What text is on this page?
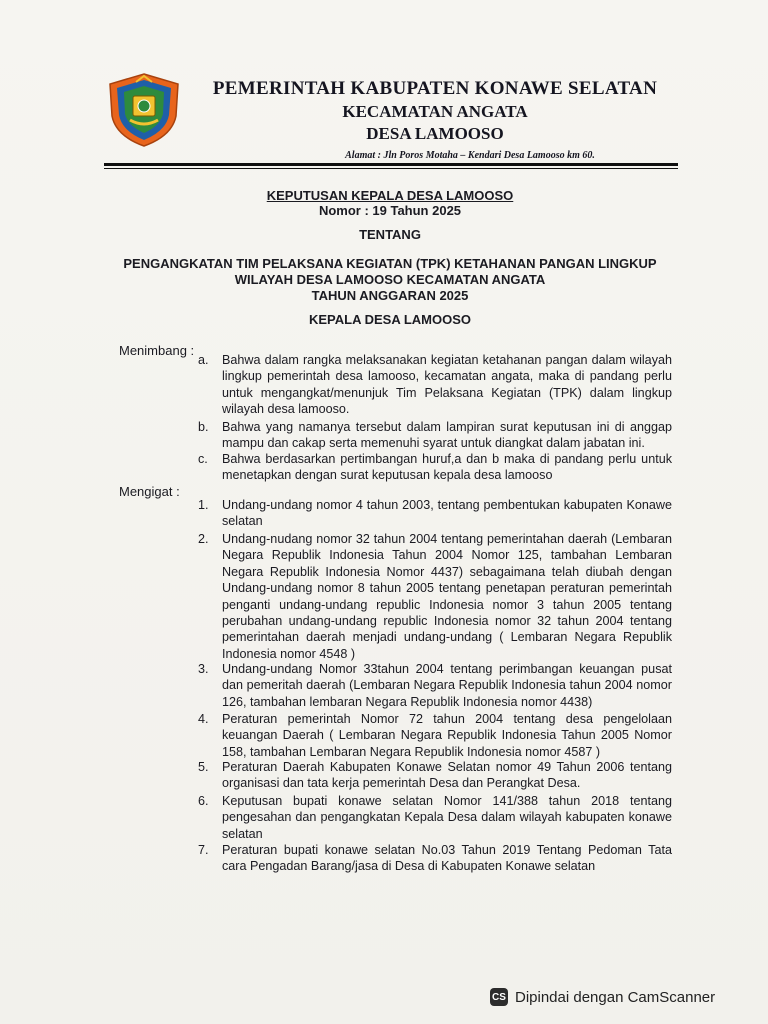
PEMERINTAH KABUPATEN KONAWE SELATAN
KECAMATAN ANGATA
DESA LAMOOSO
Alamat : Jln Poros Motaha – Kendari Desa Lamooso km 60.
KEPUTUSAN KEPALA DESA LAMOOSO
Nomor : 19 Tahun 2025
TENTANG
PENGANGKATAN TIM PELAKSANA KEGIATAN (TPK) KETAHANAN PANGAN LINGKUP
WILAYAH DESA LAMOOSO KECAMATAN ANGATA
TAHUN ANGGARAN 2025
KEPALA DESA LAMOOSO
Menimbang :
a. Bahwa dalam rangka melaksanakan kegiatan ketahanan pangan dalam wilayah lingkup pemerintah desa lamooso, kecamatan angata, maka di pandang perlu untuk mengangkat/menunjuk Tim Pelaksana Kegiatan (TPK) dalam lingkup wilayah desa lamooso.
b. Bahwa yang namanya tersebut dalam lampiran surat keputusan ini di anggap mampu dan cakap serta memenuhi syarat untuk diangkat dalam jabatan ini.
c. Bahwa berdasarkan pertimbangan huruf,a dan b maka di pandang perlu untuk menetapkan dengan surat keputusan kepala desa lamooso
Mengigat :
1. Undang-undang nomor 4 tahun 2003, tentang pembentukan kabupaten Konawe selatan
2. Undang-nudang nomor 32 tahun 2004 tentang pemerintahan daerah (Lembaran Negara Republik Indonesia Tahun 2004 Nomor 125, tambahan Lembaran Negara Republik Indonesia Nomor 4437) sebagaimana telah diubah dengan Undang-undang nomor 8 tahun 2005 tentang penetapan peraturan pemerintah penganti undang-undang republic Indonesia nomor 3 tahun 2005 tentang perubahan undang-undang republic Indonesia nomor 32 tahun 2004 tentang pemerintahan daerah menjadi undang-undang ( Lembaran Negara Republik Indonesia nomor 4548 )
3. Undang-undang Nomor 33tahun 2004 tentang perimbangan keuangan pusat dan pemeritah daerah (Lembaran Negara Republik Indonesia tahun 2004 nomor 126, tambahan lembaran Negara Republik Indonesia nomor 4438)
4. Peraturan pemerintah Nomor 72 tahun 2004 tentang desa pengelolaan keuangan Daerah ( Lembaran Negara Republik Indonesia Tahun 2005 Nomor 158, tambahan Lembaran Negara Republik Indonesia nomor 4587 )
5. Peraturan Daerah Kabupaten Konawe Selatan nomor 49 Tahun 2006 tentang organisasi dan tata kerja pemerintah Desa dan Perangkat Desa.
6. Keputusan bupati konawe selatan Nomor 141/388 tahun 2018 tentang pengesahan dan pengangkatan Kepala Desa dalam wilayah kabupaten konawe selatan
7. Peraturan bupati konawe selatan No.03 Tahun 2019 Tentang Pedoman Tata cara Pengadan Barang/jasa di Desa di Kabupaten Konawe selatan
CS Dipindai dengan CamScanner
